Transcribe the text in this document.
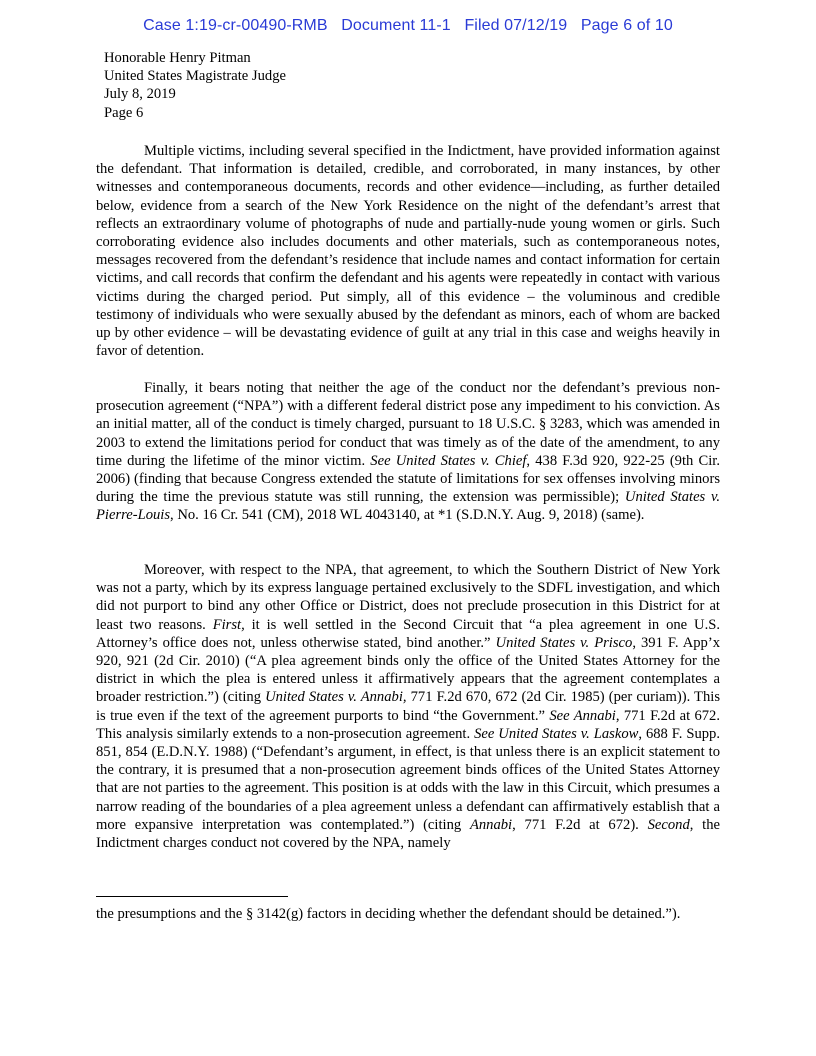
Case 1:19-cr-00490-RMB Document 11-1 Filed 07/12/19 Page 6 of 10
Honorable Henry Pitman
United States Magistrate Judge
July 8, 2019
Page 6

Multiple victims, including several specified in the Indictment, have provided information against the defendant. That information is detailed, credible, and corroborated, in many instances, by other witnesses and contemporaneous documents, records and other evidence—including, as further detailed below, evidence from a search of the New York Residence on the night of the defendant’s arrest that reflects an extraordinary volume of photographs of nude and partially-nude young women or girls. Such corroborating evidence also includes documents and other materials, such as contemporaneous notes, messages recovered from the defendant’s residence that include names and contact information for certain victims, and call records that confirm the defendant and his agents were repeatedly in contact with various victims during the charged period. Put simply, all of this evidence – the voluminous and credible testimony of individuals who were sexually abused by the defendant as minors, each of whom are backed up by other evidence – will be devastating evidence of guilt at any trial in this case and weighs heavily in favor of detention.

Finally, it bears noting that neither the age of the conduct nor the defendant’s previous non-prosecution agreement (“NPA”) with a different federal district pose any impediment to his conviction. As an initial matter, all of the conduct is timely charged, pursuant to 18 U.S.C. § 3283, which was amended in 2003 to extend the limitations period for conduct that was timely as of the date of the amendment, to any time during the lifetime of the minor victim. See United States v. Chief, 438 F.3d 920, 922-25 (9th Cir. 2006) (finding that because Congress extended the statute of limitations for sex offenses involving minors during the time the previous statute was still running, the extension was permissible); United States v. Pierre-Louis, No. 16 Cr. 541 (CM), 2018 WL 4043140, at *1 (S.D.N.Y. Aug. 9, 2018) (same).

Moreover, with respect to the NPA, that agreement, to which the Southern District of New York was not a party, which by its express language pertained exclusively to the SDFL investigation, and which did not purport to bind any other Office or District, does not preclude prosecution in this District for at least two reasons. First, it is well settled in the Second Circuit that “a plea agreement in one U.S. Attorney’s office does not, unless otherwise stated, bind another.” United States v. Prisco, 391 F. App’x 920, 921 (2d Cir. 2010) (“A plea agreement binds only the office of the United States Attorney for the district in which the plea is entered unless it affirmatively appears that the agreement contemplates a broader restriction.”) (citing United States v. Annabi, 771 F.2d 670, 672 (2d Cir. 1985) (per curiam)). This is true even if the text of the agreement purports to bind “the Government.” See Annabi, 771 F.2d at 672. This analysis similarly extends to a non-prosecution agreement. See United States v. Laskow, 688 F. Supp. 851, 854 (E.D.N.Y. 1988) (“Defendant’s argument, in effect, is that unless there is an explicit statement to the contrary, it is presumed that a non-prosecution agreement binds offices of the United States Attorney that are not parties to the agreement. This position is at odds with the law in this Circuit, which presumes a narrow reading of the boundaries of a plea agreement unless a defendant can affirmatively establish that a more expansive interpretation was contemplated.”) (citing Annabi, 771 F.2d at 672). Second, the Indictment charges conduct not covered by the NPA, namely

the presumptions and the § 3142(g) factors in deciding whether the defendant should be detained.”).
